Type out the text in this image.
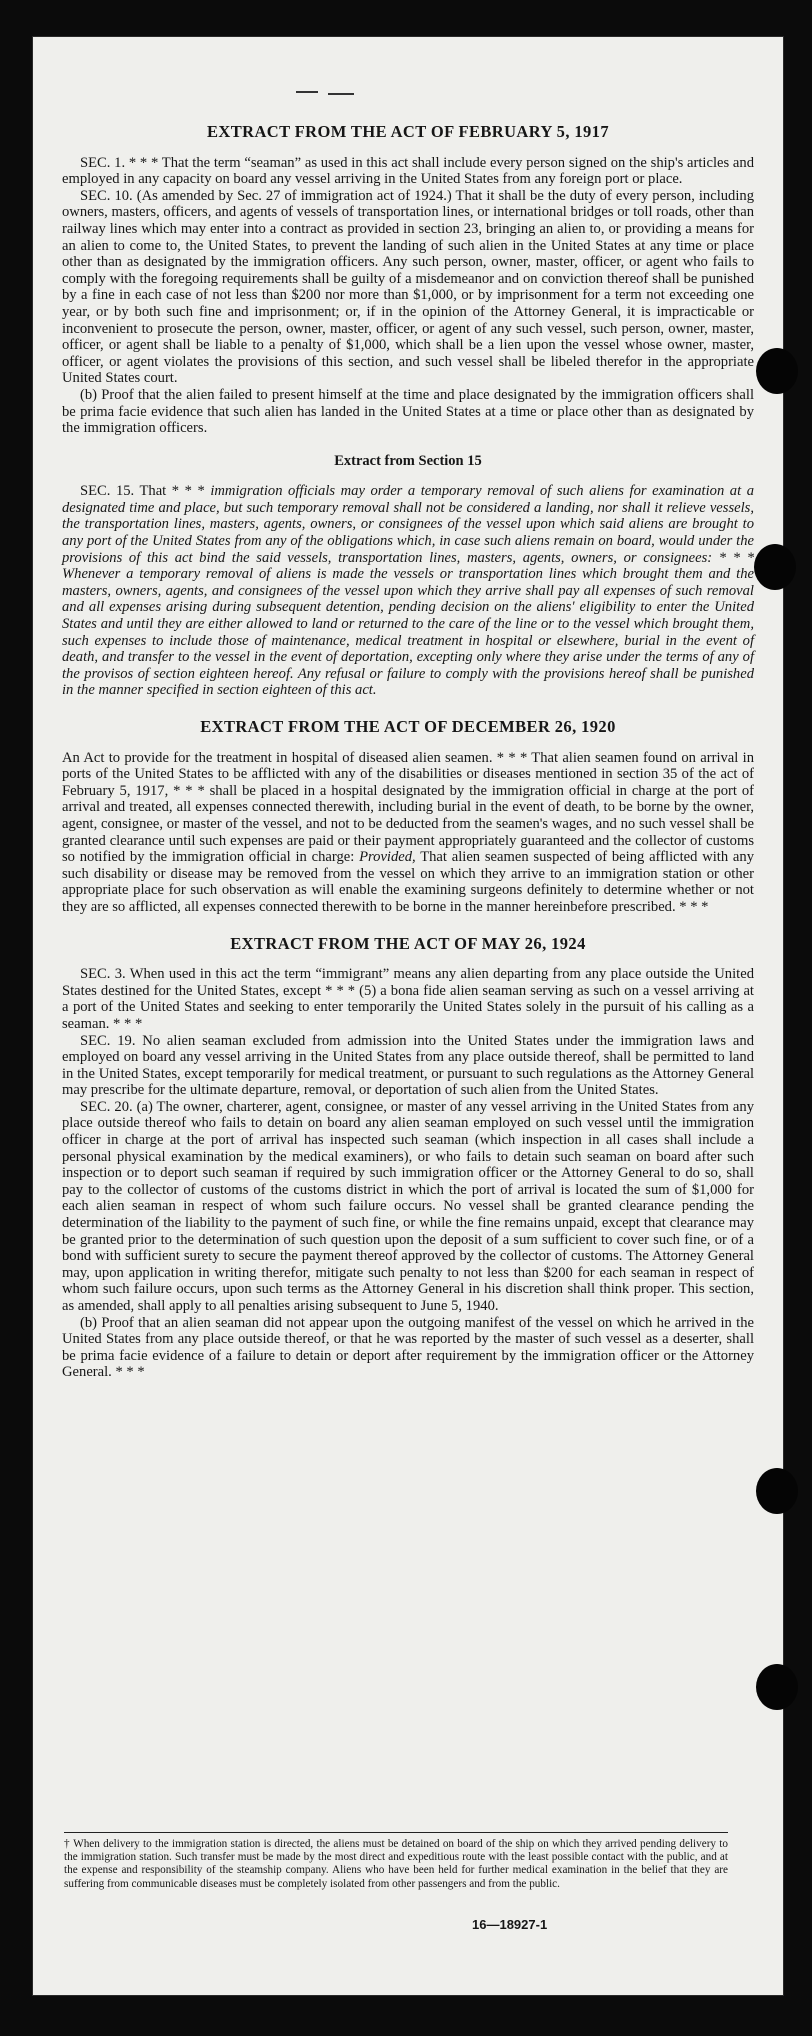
EXTRACT FROM THE ACT OF FEBRUARY 5, 1917

SEC. 1. * * * That the term “seaman” as used in this act shall include every person signed on the ship's articles and employed in any capacity on board any vessel arriving in the United States from any foreign port or place.

SEC. 10. (As amended by Sec. 27 of immigration act of 1924.) That it shall be the duty of every person, including owners, masters, officers, and agents of vessels of transportation lines, or international bridges or toll roads, other than railway lines which may enter into a contract as provided in section 23, bringing an alien to, or providing a means for an alien to come to, the United States, to prevent the landing of such alien in the United States at any time or place other than as designated by the immigration officers. Any such person, owner, master, officer, or agent who fails to comply with the foregoing requirements shall be guilty of a misdemeanor and on conviction thereof shall be punished by a fine in each case of not less than $200 nor more than $1,000, or by imprisonment for a term not exceeding one year, or by both such fine and imprisonment; or, if in the opinion of the Attorney General, it is impracticable or inconvenient to prosecute the person, owner, master, officer, or agent of any such vessel, such person, owner, master, officer, or agent shall be liable to a penalty of $1,000, which shall be a lien upon the vessel whose owner, master, officer, or agent violates the provisions of this section, and such vessel shall be libeled therefor in the appropriate United States court.

(b) Proof that the alien failed to present himself at the time and place designated by the immigration officers shall be prima facie evidence that such alien has landed in the United States at a time or place other than as designated by the immigration officers.

Extract from Section 15

SEC. 15. That * * * immigration officials may order a temporary removal of such aliens for examination at a designated time and place, but such temporary removal shall not be considered a landing, nor shall it relieve vessels, the transportation lines, masters, agents, owners, or consignees of the vessel upon which said aliens are brought to any port of the United States from any of the obligations which, in case such aliens remain on board, would under the provisions of this act bind the said vessels, transportation lines, masters, agents, owners, or consignees: * * * Whenever a temporary removal of aliens is made the vessels or transportation lines which brought them and the masters, owners, agents, and consignees of the vessel upon which they arrive shall pay all expenses of such removal and all expenses arising during subsequent detention, pending decision on the aliens' eligibility to enter the United States and until they are either allowed to land or returned to the care of the line or to the vessel which brought them, such expenses to include those of maintenance, medical treatment in hospital or elsewhere, burial in the event of death, and transfer to the vessel in the event of deportation, excepting only where they arise under the terms of any of the provisos of section eighteen hereof. Any refusal or failure to comply with the provisions hereof shall be punished in the manner specified in section eighteen of this act.

EXTRACT FROM THE ACT OF DECEMBER 26, 1920

An Act to provide for the treatment in hospital of diseased alien seamen. * * * That alien seamen found on arrival in ports of the United States to be afflicted with any of the disabilities or diseases mentioned in section 35 of the act of February 5, 1917, * * * shall be placed in a hospital designated by the immigration official in charge at the port of arrival and treated, all expenses connected therewith, including burial in the event of death, to be borne by the owner, agent, consignee, or master of the vessel, and not to be deducted from the seamen's wages, and no such vessel shall be granted clearance until such expenses are paid or their payment appropriately guaranteed and the collector of customs so notified by the immigration official in charge: Provided, That alien seamen suspected of being afflicted with any such disability or disease may be removed from the vessel on which they arrive to an immigration station or other appropriate place for such observation as will enable the examining surgeons definitely to determine whether or not they are so afflicted, all expenses connected therewith to be borne in the manner hereinbefore prescribed. * * *

EXTRACT FROM THE ACT OF MAY 26, 1924

SEC. 3. When used in this act the term “immigrant” means any alien departing from any place outside the United States destined for the United States, except * * * (5) a bona fide alien seaman serving as such on a vessel arriving at a port of the United States and seeking to enter temporarily the United States solely in the pursuit of his calling as a seaman. * * *

SEC. 19. No alien seaman excluded from admission into the United States under the immigration laws and employed on board any vessel arriving in the United States from any place outside thereof, shall be permitted to land in the United States, except temporarily for medical treatment, or pursuant to such regulations as the Attorney General may prescribe for the ultimate departure, removal, or deportation of such alien from the United States.

SEC. 20. (a) The owner, charterer, agent, consignee, or master of any vessel arriving in the United States from any place outside thereof who fails to detain on board any alien seaman employed on such vessel until the immigration officer in charge at the port of arrival has inspected such seaman (which inspection in all cases shall include a personal physical examination by the medical examiners), or who fails to detain such seaman on board after such inspection or to deport such seaman if required by such immigration officer or the Attorney General to do so, shall pay to the collector of customs of the customs district in which the port of arrival is located the sum of $1,000 for each alien seaman in respect of whom such failure occurs. No vessel shall be granted clearance pending the determination of the liability to the payment of such fine, or while the fine remains unpaid, except that clearance may be granted prior to the determination of such question upon the deposit of a sum sufficient to cover such fine, or of a bond with sufficient surety to secure the payment thereof approved by the collector of customs. The Attorney General may, upon application in writing therefor, mitigate such penalty to not less than $200 for each seaman in respect of whom such failure occurs, upon such terms as the Attorney General in his discretion shall think proper. This section, as amended, shall apply to all penalties arising subsequent to June 5, 1940.

(b) Proof that an alien seaman did not appear upon the outgoing manifest of the vessel on which he arrived in the United States from any place outside thereof, or that he was reported by the master of such vessel as a deserter, shall be prima facie evidence of a failure to detain or deport after requirement by the immigration officer or the Attorney General. * * *

† When delivery to the immigration station is directed, the aliens must be detained on board of the ship on which they arrived pending delivery to the immigration station. Such transfer must be made by the most direct and expeditious route with the least possible contact with the public, and at the expense and responsibility of the steamship company. Aliens who have been held for further medical examination in the belief that they are suffering from communicable diseases must be completely isolated from other passengers and from the public.
16—18927-1
